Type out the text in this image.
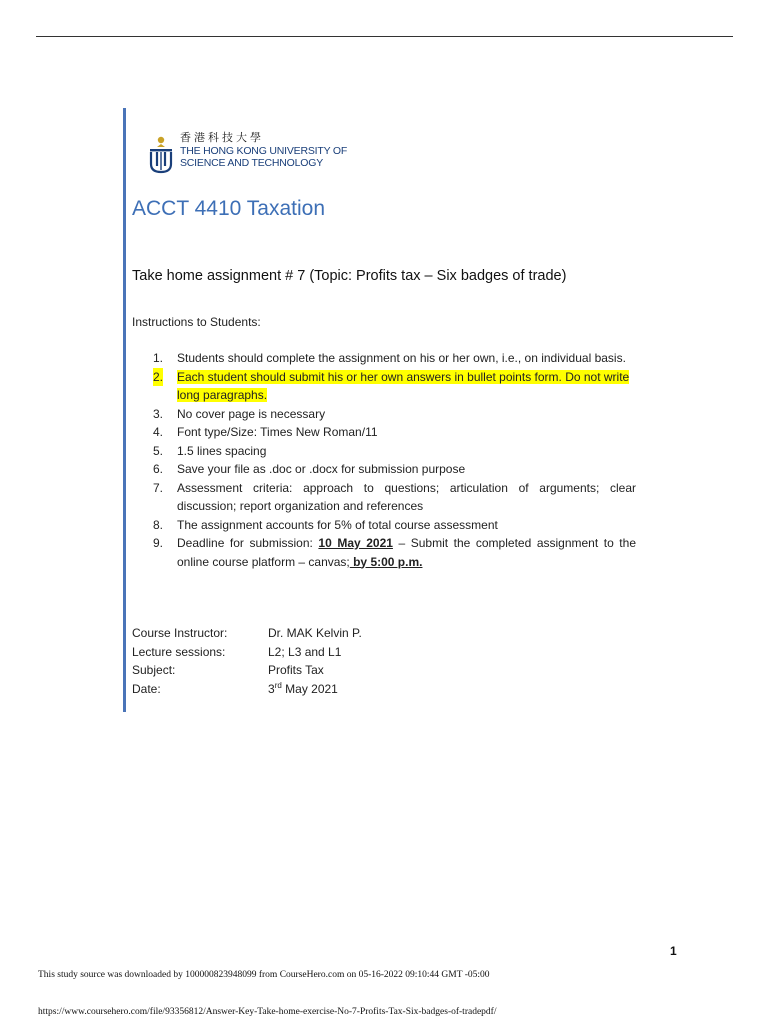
香港科技大學
THE HONG KONG UNIVERSITY OF
SCIENCE AND TECHNOLOGY
ACCT 4410 Taxation
Take home assignment # 7 (Topic: Profits tax – Six badges of trade)
Instructions to Students:
1. Students should complete the assignment on his or her own, i.e., on individual basis.
2. Each student should submit his or her own answers in bullet points form. Do not write long paragraphs.
3. No cover page is necessary
4. Font type/Size: Times New Roman/11
5. 1.5 lines spacing
6. Save your file as .doc or .docx for submission purpose
7. Assessment criteria: approach to questions; articulation of arguments; clear discussion; report organization and references
8. The assignment accounts for 5% of total course assessment
9. Deadline for submission: 10 May 2021 – Submit the completed assignment to the online course platform – canvas; by 5:00 p.m.
Course Instructor:	Dr. MAK Kelvin P.
Lecture sessions:	L2; L3 and L1
Subject:	Profits Tax
Date:	3rd May 2021
1
This study source was downloaded by 100000823948099 from CourseHero.com on 05-16-2022 09:10:44 GMT -05:00
https://www.coursehero.com/file/93356812/Answer-Key-Take-home-exercise-No-7-Profits-Tax-Six-badges-of-tradepdf/
